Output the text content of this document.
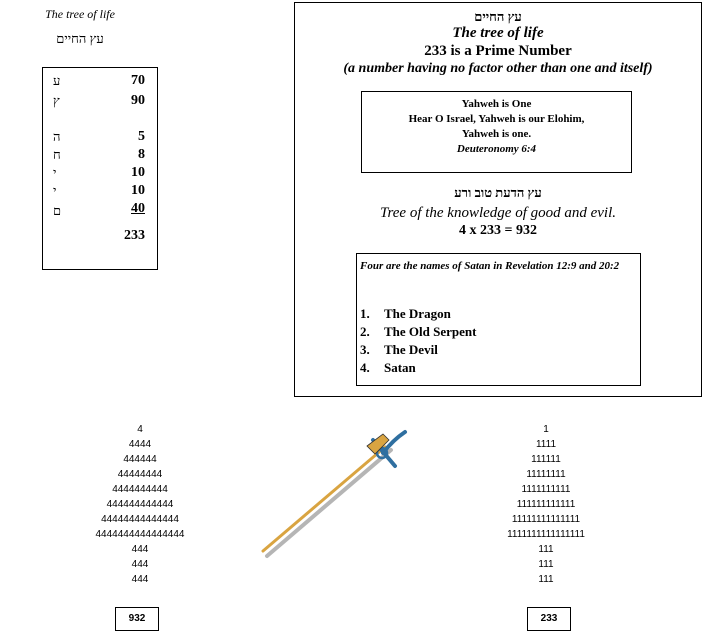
The tree of life
עץ החיים
ע	70
ץ	90
ה	5
ח	8
י	10
י	10
ם	40
233
עץ החיים
The tree of life
233 is a Prime Number
(a number having no factor other than one and itself)
Yahweh is One
Hear O Israel, Yahweh is our Elohim,
Yahweh is one.
Deuteronomy 6:4
עץ הדעת טוב ורע
Tree of the knowledge of good and evil.
4 x 233 = 932
Four are the names of Satan in Revelation 12:9 and 20:2
1. The Dragon
2. The Old Serpent
3. The Devil
4. Satan
4
4444
444444
44444444
4444444444
444444444444
44444444444444
4444444444444444
444
444
444
1
1111
111111
11111111
1111111111
111111111111
11111111111111
1111111111111111
111
111
111
932	233
